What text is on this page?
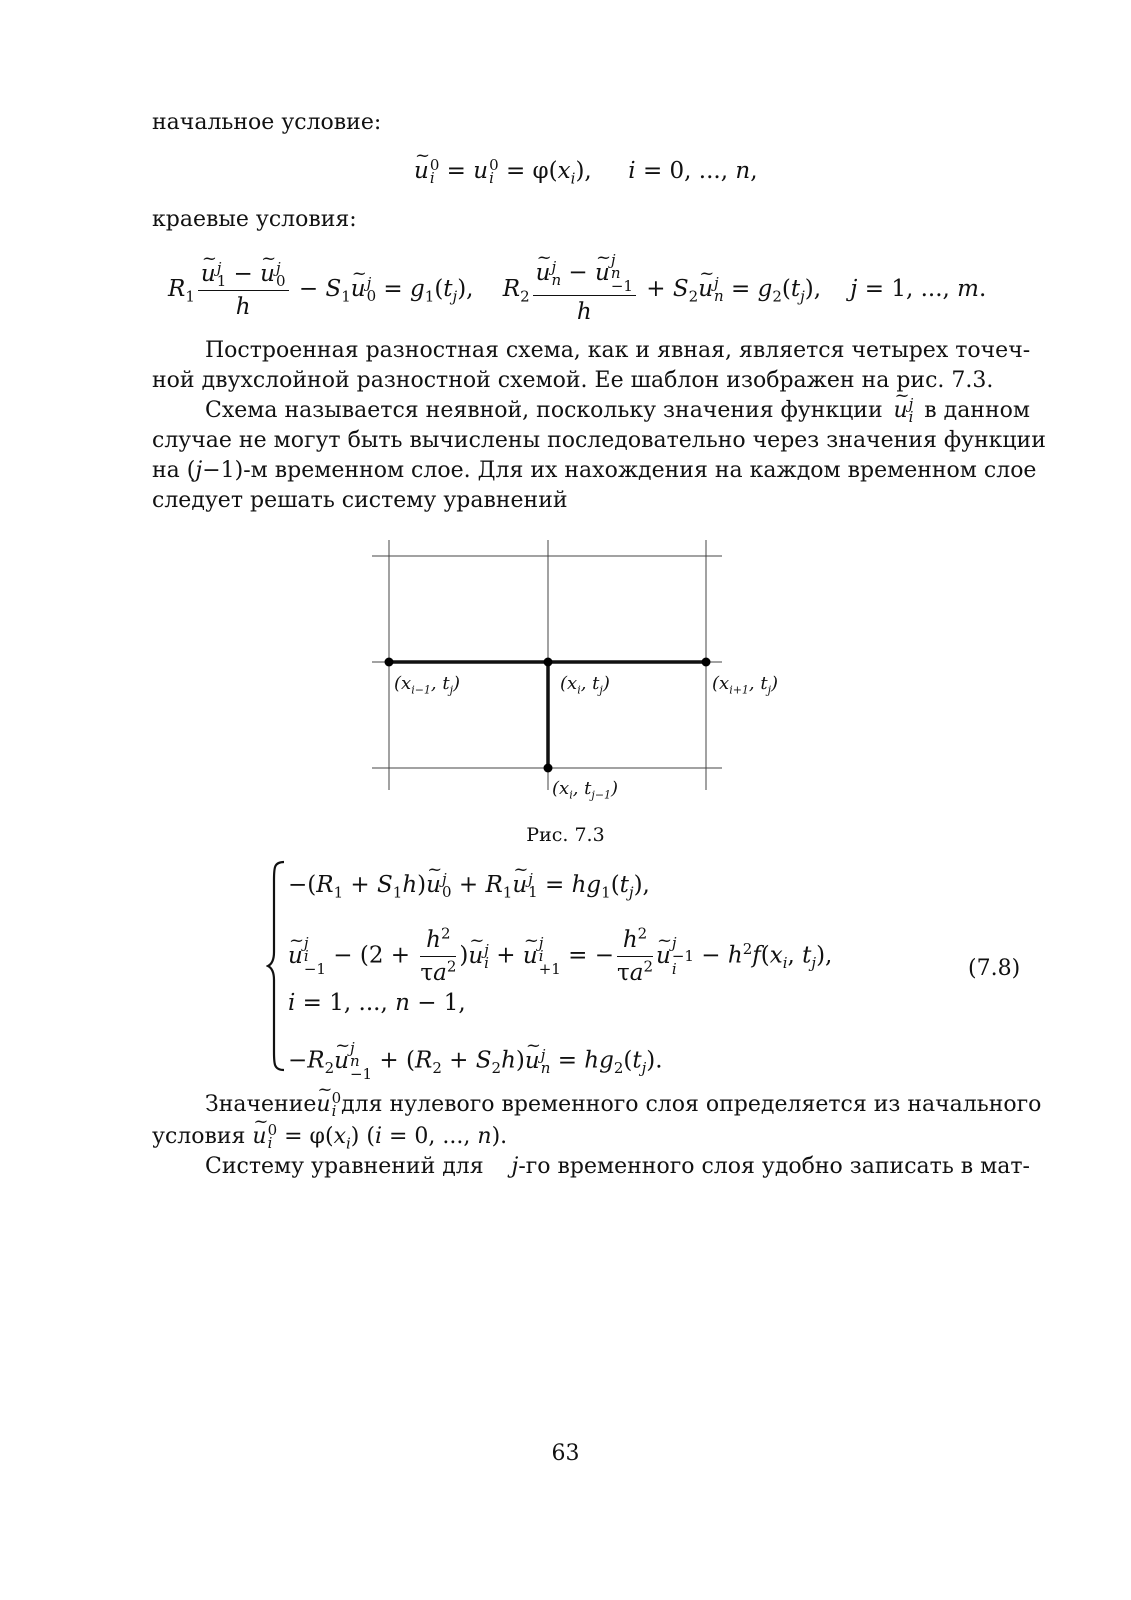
начальное условие:
~ u 0
i = u 0
$i = \varphi(x_i)$,     i = 0, ..., n,
краевые условия:
$R_1$ ~ u j
1 − ~ u j
0
$h - S_1\sim$ u j
$0 = g_1(t_j)$,    $R_2$ ~ u j
n − ~ u j
n
−1
$h + S_2\sim$ u j
$n = g_2(t_j)$,    j = 1, ..., m.
Построенная разностная схема, как и явная, является четырех точеч-
ной двухслойной разностной схемой. Ее шаблон изображен на рис. 7.3.
Схема называется неявной, поскольку значения функции ~ u j
i в данном
случае не могут быть вычислены последовательно через значения функции
на (j−1)-м временном слое. Для их нахождения на каждом временном слое
следует решать систему уравнений
($x_{i-1}$, $t_j$)	($x_i$, $t_j$)	($x_{i+1}$, $t_j$)
($x_i$, $t_{j-1}$)
Рис. 7.3
$-(R_1$ + $S_1h)\sim$ u j
$0 + R_1\sim$ u j
$1 = hg_1(t_j)$,
~ u j
i
−1
− ($2 + \frac{h^2}{\tau a^2}$ )~ u j
i + ~ u j
i
+1
= − $\frac{h^2}{\tau a^2}$ ~ u j
−1
i
− $h^2f(x_i$, $t_j$),
i = 1, ..., n − 1,
$-R_2\sim$ u j
n
−1
+ ($R_2$ + $S_2h)\sim$ u j
$n = hg_2(t_j)$.
(7.8)
Значение ~ u 0
i для нулевого временного слоя определяется из начального
условия ~ u 0
$i = \varphi(x_i) (i = 0$, ..., n).
Систему уравнений для j-го временного слоя удобно записать в мат-
63
